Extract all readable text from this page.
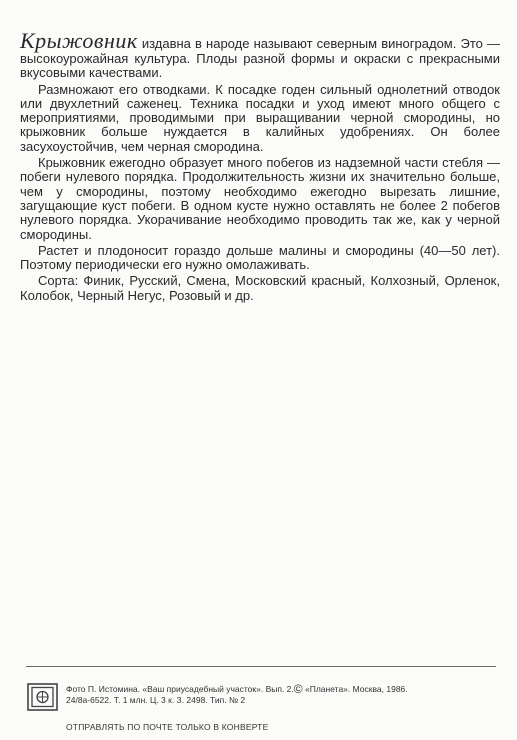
Крыжовник издавна в народе называют северным виноградом. Это — высокоурожайная культура. Плоды разной формы и окраски с прекрасными вкусовыми качествами.

Размножают его отводками. К посадке годен сильный однолетний отводок или двухлетний саженец. Техника посадки и уход имеют много общего с мероприятиями, проводимыми при выращивании черной смородины, но крыжовник больше нуждается в калийных удобрениях. Он более засухоустойчив, чем черная смородина.

Крыжовник ежегодно образует много побегов из надземной части стебля — побеги нулевого порядка. Продолжительность жизни их значительно больше, чем у смородины, поэтому необходимо ежегодно вырезать лишние, загущающие куст побеги. В одном кусте нужно оставлять не более 2 побегов нулевого порядка. Укорачивание необходимо проводить так же, как у черной смородины.

Растет и плодоносит гораздо дольше малины и смородины (40—50 лет). Поэтому периодически его нужно омолаживать.

Сорта: Финик, Русский, Смена, Московский красный, Колхозный, Орленок, Колобок, Черный Негус, Розовый и др.

Фото П. Истомина. «Ваш приусадебный участок». Вып. 2.© «Планета». Москва, 1986.
24/8а-6522. Т. 1 млн. Ц. 3 к. З. 2498. Тип. № 2
ОТПРАВЛЯТЬ ПО ПОЧТЕ ТОЛЬКО В КОНВЕРТЕ
